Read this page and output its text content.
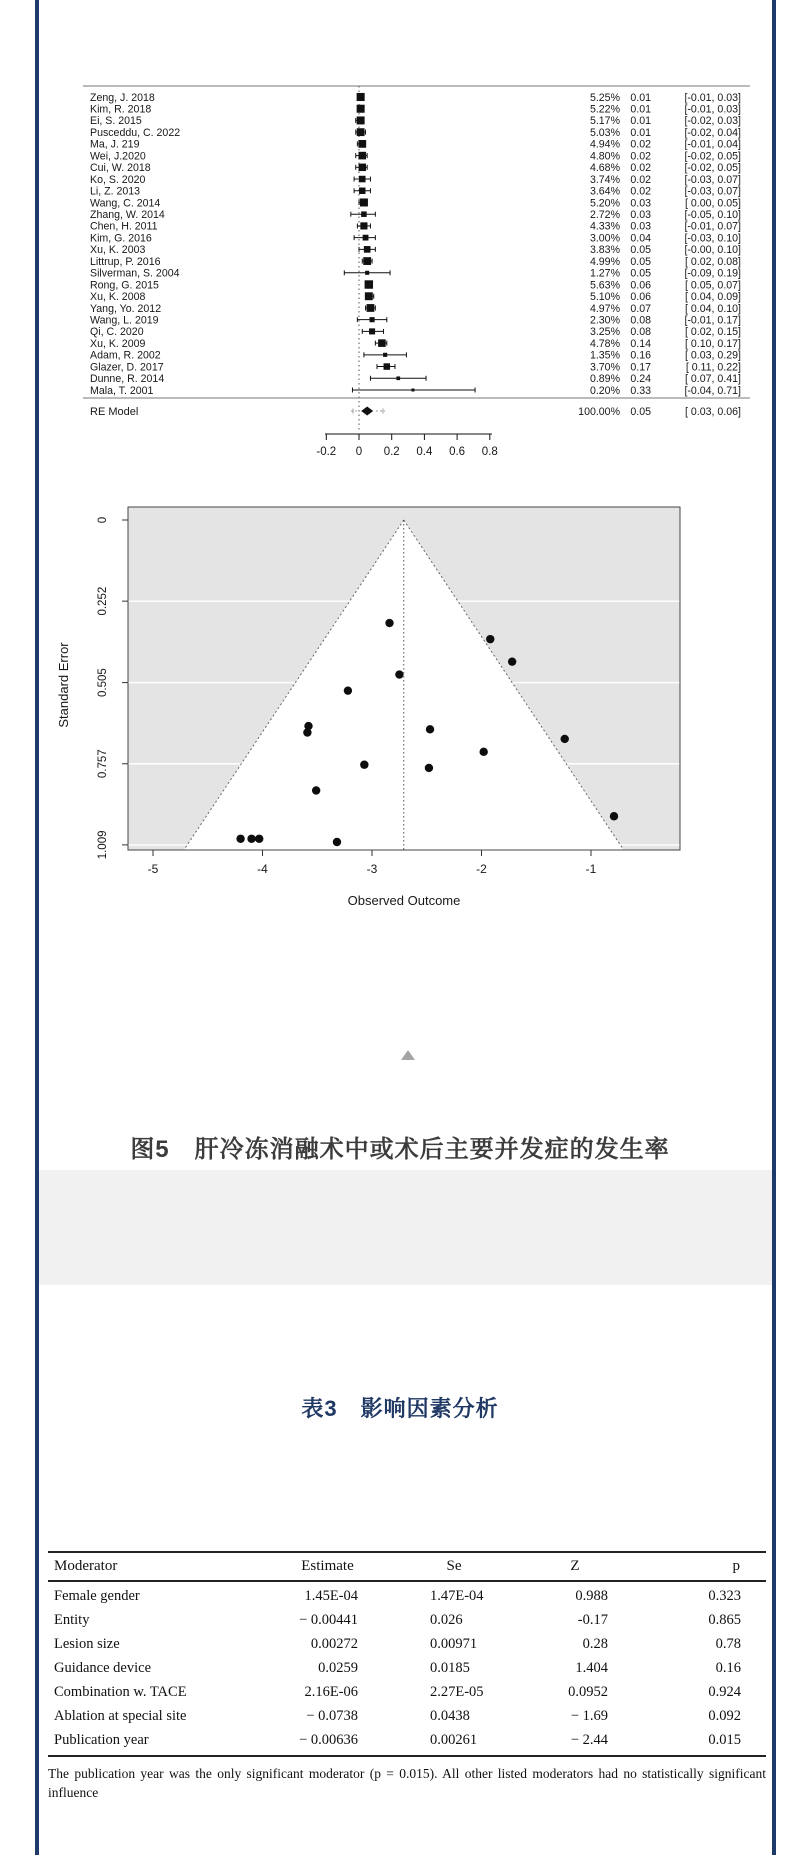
Zeng, J. 2018	5.25% 0.01	[-0.01, 0.03]
Kim, R. 2018	5.22% 0.01	[-0.01, 0.03]
Ei, S. 2015	5.17% 0.01	[-0.02, 0.03]
Pusceddu, C. 2022	5.03% 0.01	[-0.02, 0.04]
Ma, J. 219	4.94% 0.02	[-0.01, 0.04]
Wei, J.2020	4.80% 0.02	[-0.02, 0.05]
Cui, W. 2018	4.68% 0.02	[-0.02, 0.05]
Ko, S. 2020	3.74% 0.02	[-0.03, 0.07]
Li, Z. 2013	3.64% 0.02	[-0.03, 0.07]
Wang, C. 2014	5.20% 0.03	[ 0.00, 0.05]
Zhang, W. 2014	2.72% 0.03	[-0.05, 0.10]
Chen, H. 2011	4.33% 0.03	[-0.01, 0.07]
Kim, G. 2016	3.00% 0.04	[-0.03, 0.10]
Xu, K. 2003	3.83% 0.05	[-0.00, 0.10]
Littrup, P. 2016	4.99% 0.05	[ 0.02, 0.08]
Silverman, S. 2004	1.27% 0.05	[-0.09, 0.19]
Rong, G. 2015	5.63% 0.06	[ 0.05, 0.07]
Xu, K. 2008	5.10% 0.06	[ 0.04, 0.09]
Yang, Yo. 2012	4.97% 0.07	[ 0.04, 0.10]
Wang, L. 2019	2.30% 0.08	[-0.01, 0.17]
Qi, C. 2020	3.25% 0.08	[ 0.02, 0.15]
Xu, K. 2009	4.78% 0.14	[ 0.10, 0.17]
Adam, R. 2002	1.35% 0.16	[ 0.03, 0.29]
Glazer, D. 2017	3.70% 0.17	[ 0.11, 0.22]
Dunne, R. 2014	0.89% 0.24	[ 0.07, 0.41]
Mala, T. 2001	0.20% 0.33	[-0.04, 0.71]
RE Model	100.00% 0.05	[ 0.03, 0.06]
-0.2 0 0.2 0.4 0.6 0.8
0
0.252
0.505
0.757
1.009
-5	-4	-3	-2	-1
Standard Error
Observed Outcome
图5　肝冷冻消融术中或术后主要并发症的发生率
表3　影响因素分析
Moderator	Estimate	Se	Z	p
Female gender	1.45E-04	1.47E-04	0.988	0.323
Entity	− 0.00441	0.026	-0.17	0.865
Lesion size	0.00272	0.00971	0.28	0.78
Guidance device	0.0259	0.0185	1.404	0.16
Combination w. TACE	2.16E-06	2.27E-05	0.0952	0.924
Ablation at special site	− 0.0738	0.0438	− 1.69	0.092
Publication year	− 0.00636	0.00261	− 2.44	0.015

The publication year was the only significant moderator (p = 0.015). All other listed moderators had no statistically significant influence
